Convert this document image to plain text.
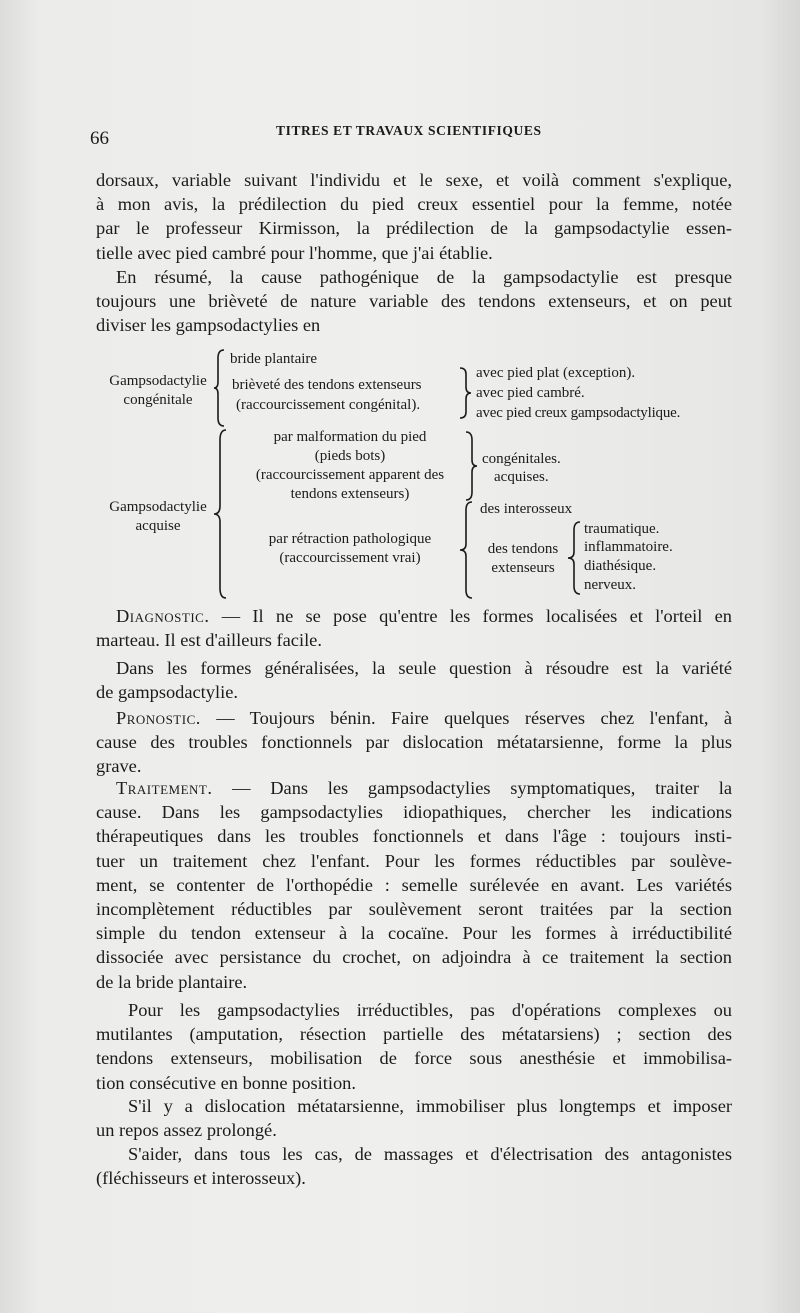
66	TITRES ET TRAVAUX SCIENTIFIQUES
dorsaux, variable suivant l'individu et le sexe, et voilà comment s'explique,
à mon avis, la prédilection du pied creux essentiel pour la femme, notée
par le professeur Kirmisson, la prédilection de la gampsodactylie essen-
tielle avec pied cambré pour l'homme, que j'ai établie.
En résumé, la cause pathogénique de la gampsodactylie est presque
toujours une brièveté de nature variable des tendons extenseurs, et on peut
diviser les gampsodactylies en
Gampsodactylie
congénitale
bride plantaire
brièveté des tendons extenseurs
(raccourcissement congénital).
avec pied plat (exception).
avec pied cambré.
avec pied creux gampsodactylique.
Gampsodactylie
acquise
par malformation du pied
(pieds bots)
(raccourcissement apparent des
tendons extenseurs)
congénitales.
acquises.
par rétraction pathologique
(raccourcissement vrai)
des interosseux
des tendons
extenseurs
traumatique.
inflammatoire.
diathésique.
nerveux.
Diagnostic. — Il ne se pose qu'entre les formes localisées et l'orteil en
marteau. Il est d'ailleurs facile.
Dans les formes généralisées, la seule question à résoudre est la variété
de gampsodactylie.
Pronostic. — Toujours bénin. Faire quelques réserves chez l'enfant, à
cause des troubles fonctionnels par dislocation métatarsienne, forme la plus
grave.
Traitement. — Dans les gampsodactylies symptomatiques, traiter la
cause. Dans les gampsodactylies idiopathiques, chercher les indications
thérapeutiques dans les troubles fonctionnels et dans l'âge : toujours insti-
tuer un traitement chez l'enfant. Pour les formes réductibles par soulève-
ment, se contenter de l'orthopédie : semelle surélevée en avant. Les variétés
incomplètement réductibles par soulèvement seront traitées par la section
simple du tendon extenseur à la cocaïne. Pour les formes à irréductibilité
dissociée avec persistance du crochet, on adjoindra à ce traitement la section
de la bride plantaire.
Pour les gampsodactylies irréductibles, pas d'opérations complexes ou
mutilantes (amputation, résection partielle des métatarsiens) ; section des
tendons extenseurs, mobilisation de force sous anesthésie et immobilisa-
tion consécutive en bonne position.
S'il y a dislocation métatarsienne, immobiliser plus longtemps et imposer
un repos assez prolongé.
S'aider, dans tous les cas, de massages et d'électrisation des antagonistes
(fléchisseurs et interosseux).
